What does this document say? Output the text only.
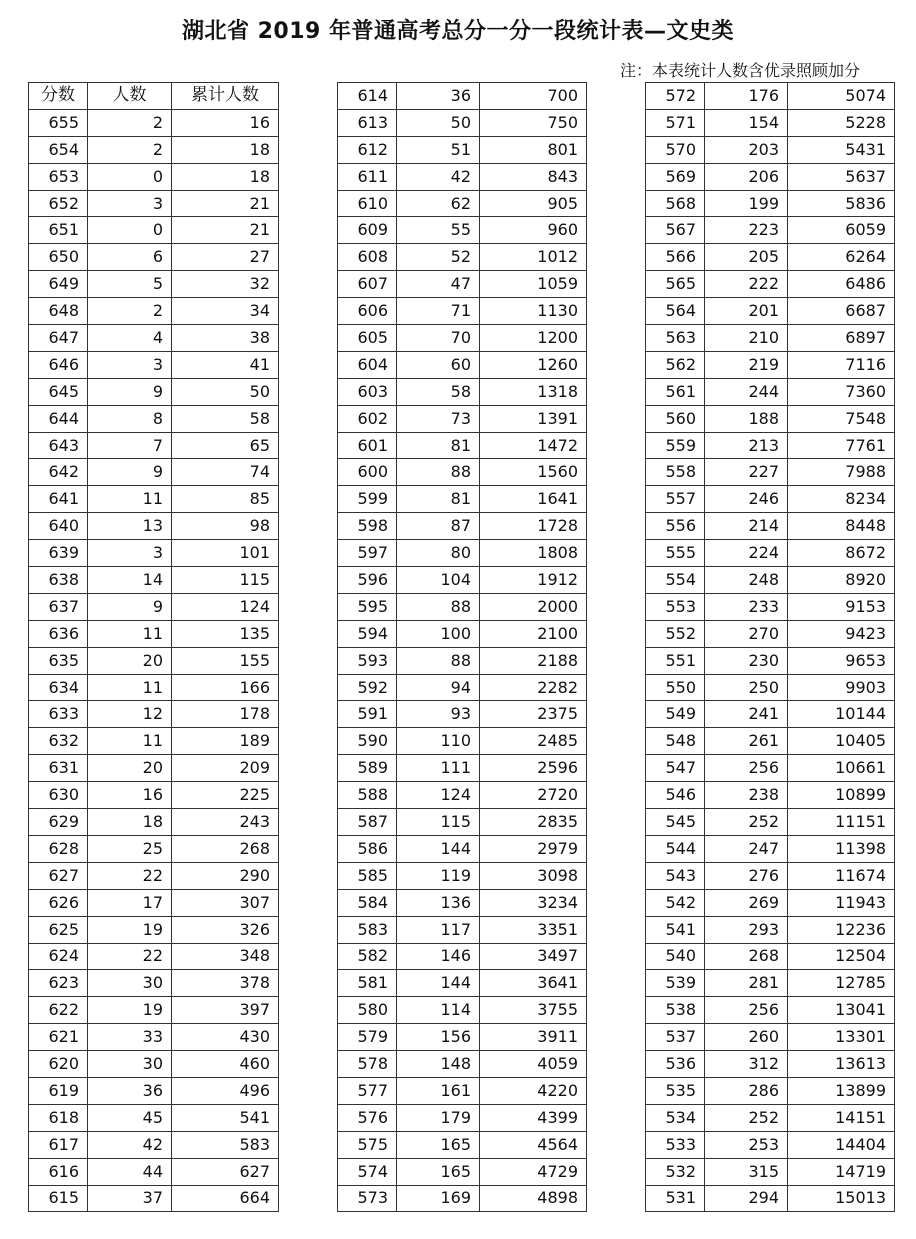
湖北省 2019 年普通高考总分一分一段统计表—文史类
注：本表统计人数含优录照顾加分
分数	人数	累计人数
655	2	16
654	2	18
653	0	18
652	3	21
651	0	21
650	6	27
649	5	32
648	2	34
647	4	38
646	3	41
645	9	50
644	8	58
643	7	65
642	9	74
641	11	85
640	13	98
639	3	101
638	14	115
637	9	124
636	11	135
635	20	155
634	11	166
633	12	178
632	11	189
631	20	209
630	16	225
629	18	243
628	25	268
627	22	290
626	17	307
625	19	326
624	22	348
623	30	378
622	19	397
621	33	430
620	30	460
619	36	496
618	45	541
617	42	583
616	44	627
615	37	664
614	36	700
613	50	750
612	51	801
611	42	843
610	62	905
609	55	960
608	52	1012
607	47	1059
606	71	1130
605	70	1200
604	60	1260
603	58	1318
602	73	1391
601	81	1472
600	88	1560
599	81	1641
598	87	1728
597	80	1808
596	104	1912
595	88	2000
594	100	2100
593	88	2188
592	94	2282
591	93	2375
590	110	2485
589	111	2596
588	124	2720
587	115	2835
586	144	2979
585	119	3098
584	136	3234
583	117	3351
582	146	3497
581	144	3641
580	114	3755
579	156	3911
578	148	4059
577	161	4220
576	179	4399
575	165	4564
574	165	4729
573	169	4898
572	176	5074
571	154	5228
570	203	5431
569	206	5637
568	199	5836
567	223	6059
566	205	6264
565	222	6486
564	201	6687
563	210	6897
562	219	7116
561	244	7360
560	188	7548
559	213	7761
558	227	7988
557	246	8234
556	214	8448
555	224	8672
554	248	8920
553	233	9153
552	270	9423
551	230	9653
550	250	9903
549	241	10144
548	261	10405
547	256	10661
546	238	10899
545	252	11151
544	247	11398
543	276	11674
542	269	11943
541	293	12236
540	268	12504
539	281	12785
538	256	13041
537	260	13301
536	312	13613
535	286	13899
534	252	14151
533	253	14404
532	315	14719
531	294	15013
